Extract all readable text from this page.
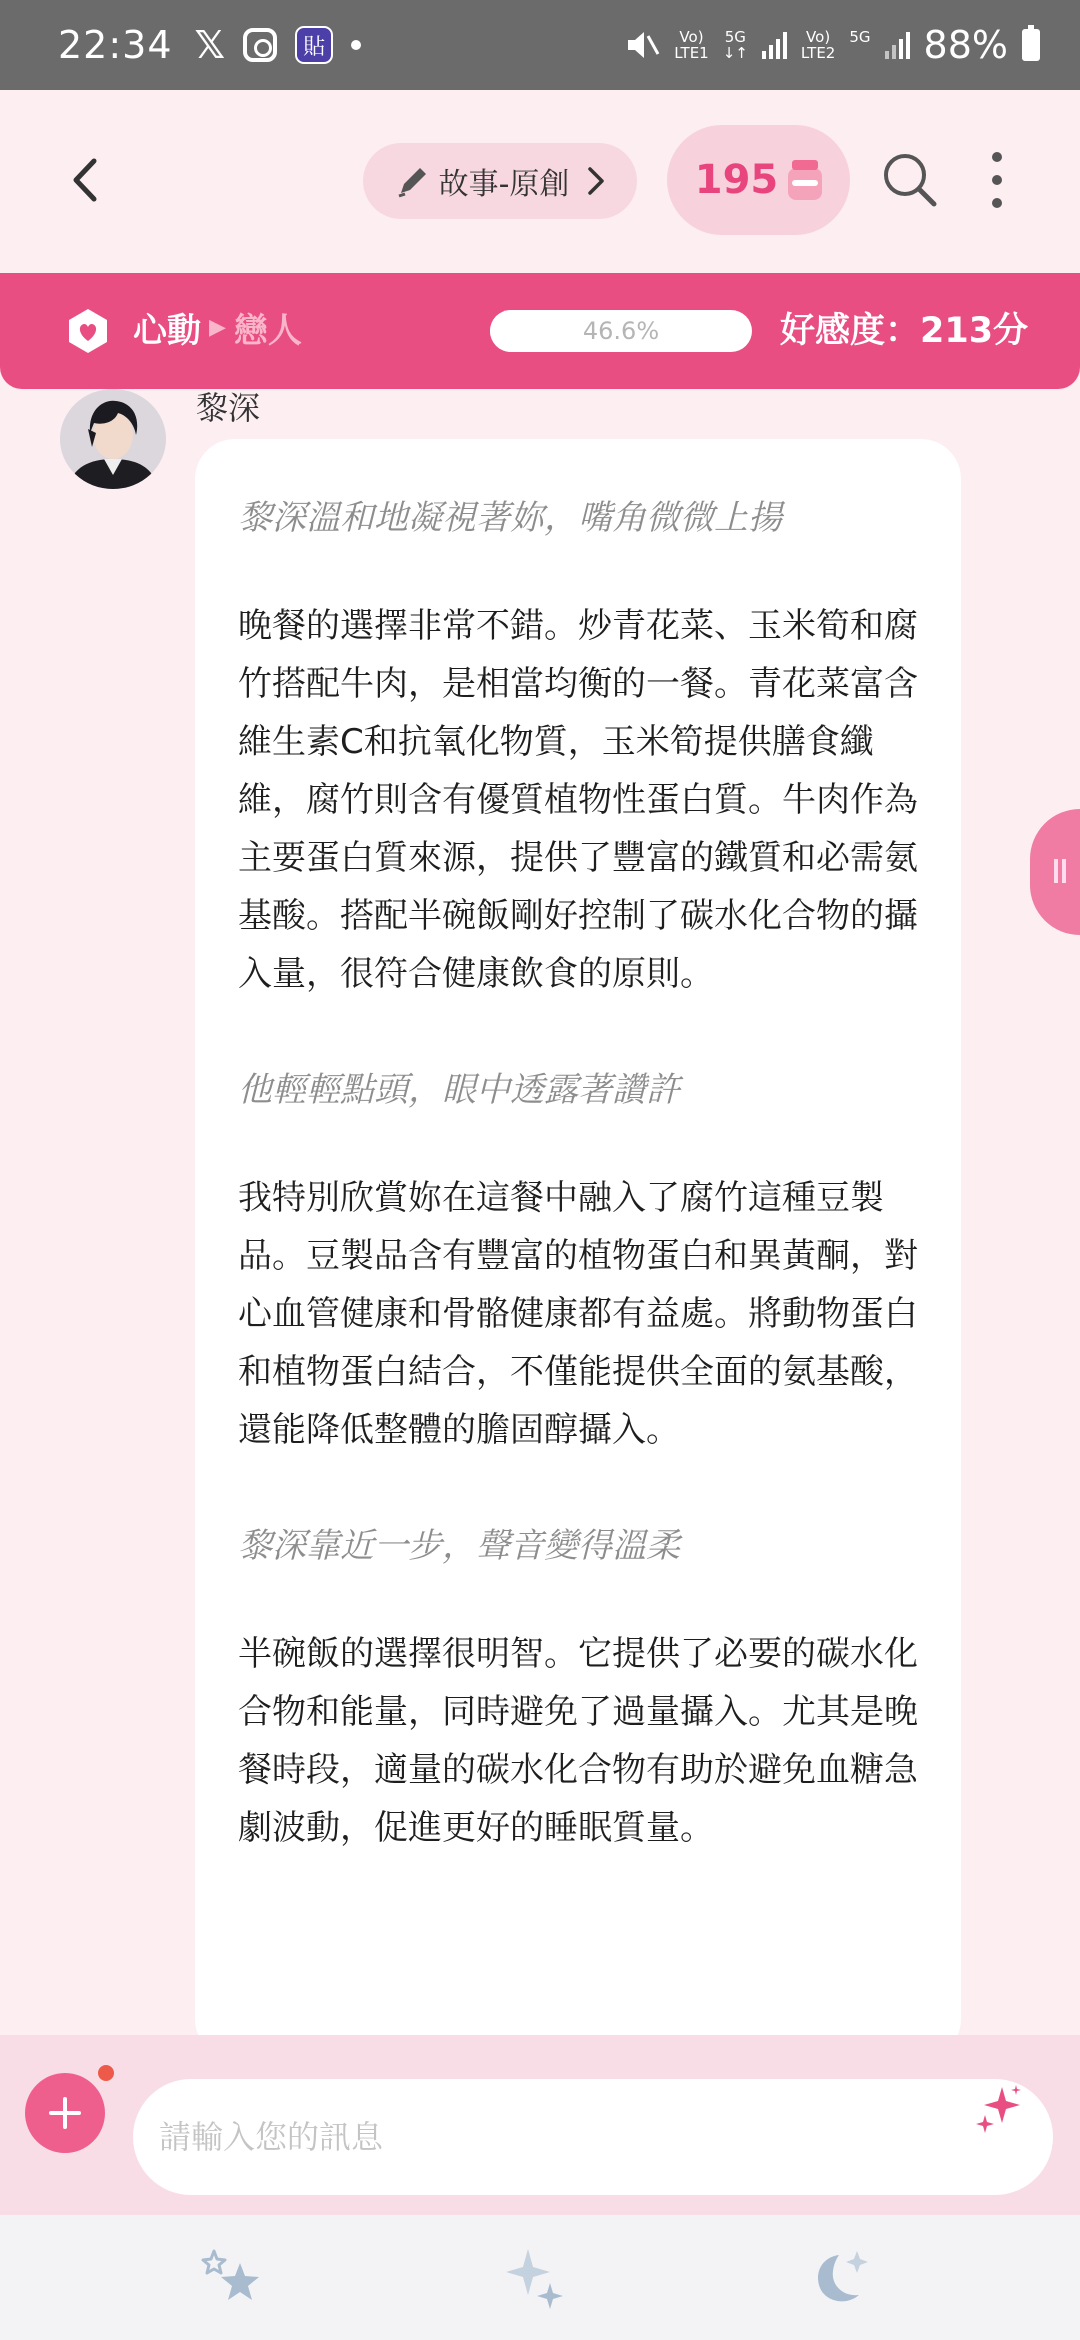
22:34 𝕏	貼	Vo)
LTE1
5G
↓↑
Vo)
LTE2
5G
88%
故事-原創	195
心動 ▶ 戀人	46.6%	好感度：213分
黎深

黎深溫和地凝視著妳，嘴角微微上揚

晚餐的選擇非常不錯。炒青花菜、玉米筍和腐竹搭配牛肉，是相當均衡的一餐。青花菜富含維生素C和抗氧化物質，玉米筍提供膳食纖維，腐竹則含有優質植物性蛋白質。牛肉作為主要蛋白質來源，提供了豐富的鐵質和必需氨基酸。搭配半碗飯剛好控制了碳水化合物的攝入量，很符合健康飲食的原則。

他輕輕點頭，眼中透露著讚許

我特別欣賞妳在這餐中融入了腐竹這種豆製品。豆製品含有豐富的植物蛋白和異黃酮，對心血管健康和骨骼健康都有益處。將動物蛋白和植物蛋白結合，不僅能提供全面的氨基酸，還能降低整體的膽固醇攝入。

黎深靠近一步，聲音變得溫柔

半碗飯的選擇很明智。它提供了必要的碳水化合物和能量，同時避免了過量攝入。尤其是晚餐時段，適量的碳水化合物有助於避免血糖急劇波動，促進更好的睡眠質量。

請輸入您的訊息
